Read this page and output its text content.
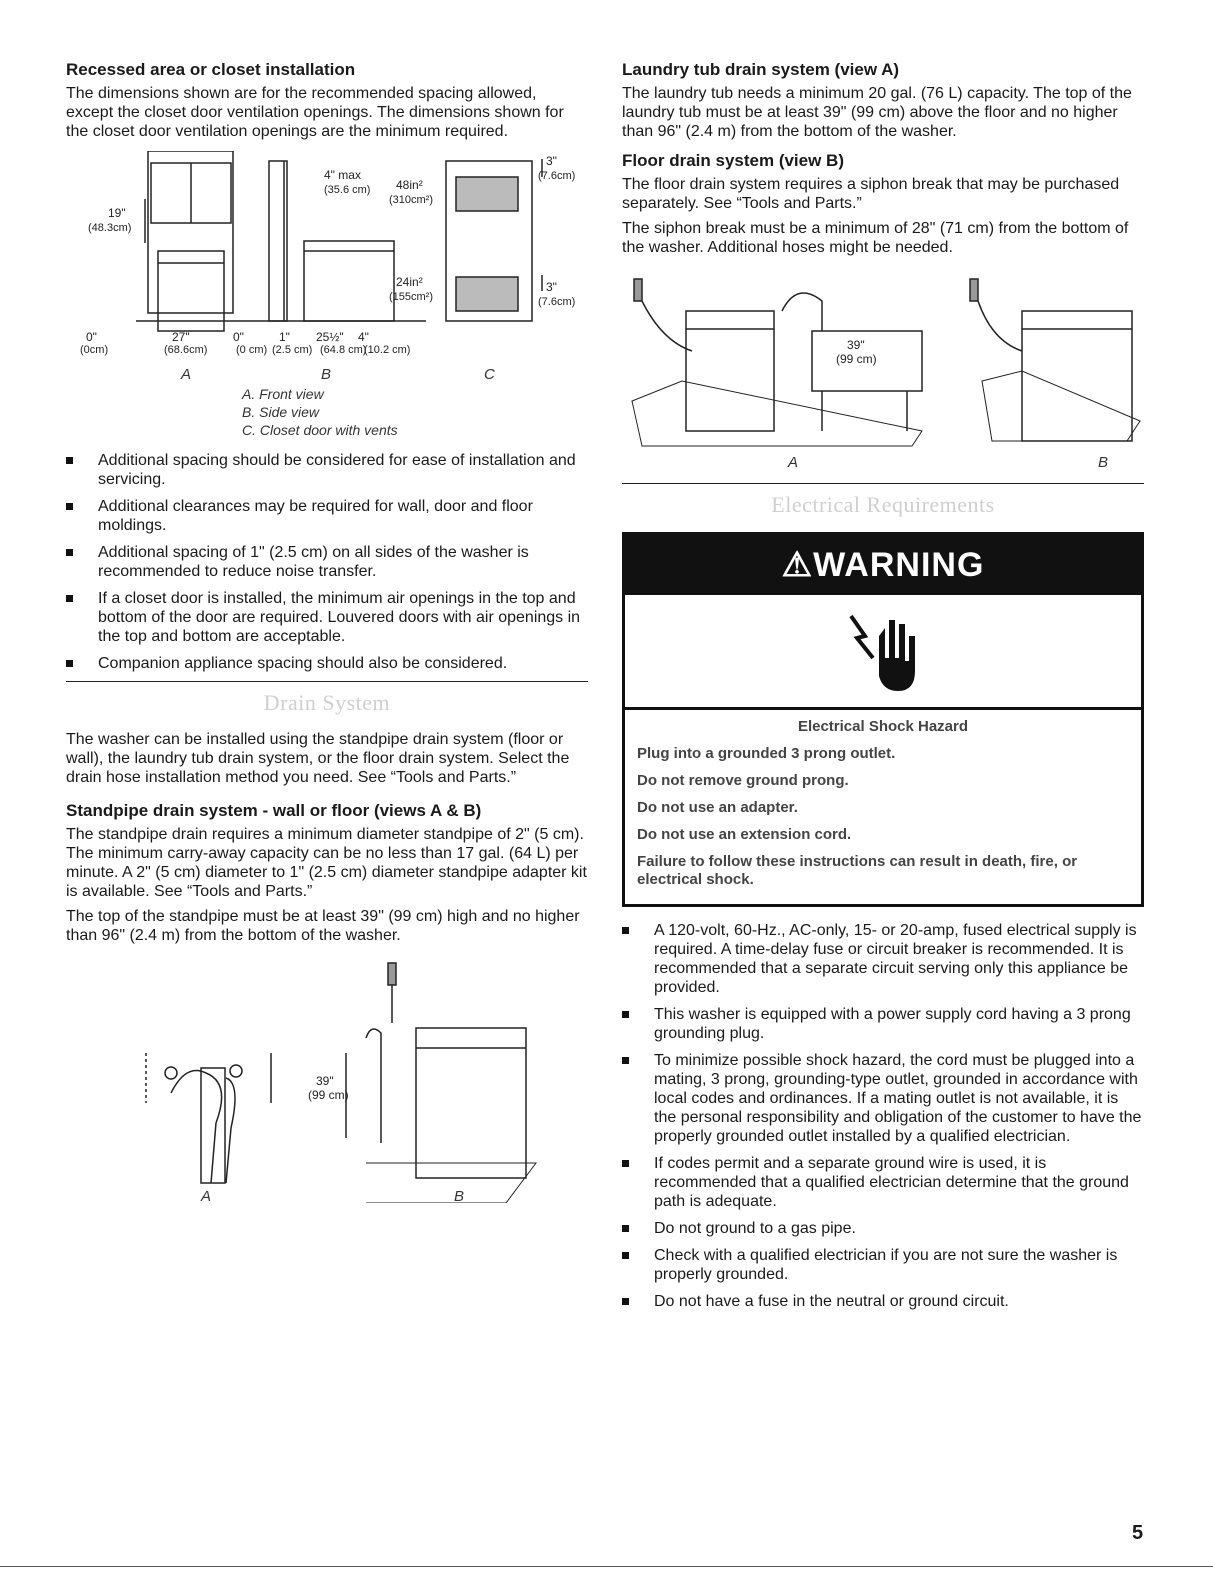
Recessed area or closet installation

The dimensions shown are for the recommended spacing allowed, except the closet door ventilation openings. The dimensions shown for the closet door ventilation openings are the minimum required.

19"
(48.3cm)
0"
(0cm)
27"
(68.6cm)
0"
(0 cm)
1"
(2.5 cm)
25½"
(64.8 cm)
4"
(10.2 cm)
4" max
(35.6 cm) 48in²
(310cm²)
24in²
(155cm²)
3"
(7.6cm)
3"
(7.6cm)
A	B	C
A. Front view
B. Side view
C. Closet door with vents
Additional spacing should be considered for ease of installation and servicing.
Additional clearances may be required for wall, door and floor moldings.
Additional spacing of 1" (2.5 cm) on all sides of the washer is recommended to reduce noise transfer.
If a closet door is installed, the minimum air openings in the top and bottom of the door are required. Louvered doors with air openings in the top and bottom are acceptable.
Companion appliance spacing should also be considered.
Drain System

The washer can be installed using the standpipe drain system (floor or wall), the laundry tub drain system, or the floor drain system. Select the drain hose installation method you need. See “Tools and Parts.”

Standpipe drain system - wall or floor (views A & B)

The standpipe drain requires a minimum diameter standpipe of 2" (5 cm). The minimum carry-away capacity can be no less than 17 gal. (64 L) per minute. A 2" (5 cm) diameter to 1" (2.5 cm) diameter standpipe adapter kit is available. See “Tools and Parts.”

The top of the standpipe must be at least 39" (99 cm) high and no higher than 96" (2.4 m) from the bottom of the washer.

39"
(99 cm)
A	B
Laundry tub drain system (view A)

The laundry tub needs a minimum 20 gal. (76 L) capacity. The top of the laundry tub must be at least 39" (99 cm) above the floor and no higher than 96" (2.4 m) from the bottom of the washer.

Floor drain system (view B)

The floor drain system requires a siphon break that may be purchased separately. See “Tools and Parts.”

The siphon break must be a minimum of 28" (71 cm) from the bottom of the washer. Additional hoses might be needed.

39"
(99 cm)
A	B
Electrical Requirements
⚠WARNING

Electrical Shock Hazard

Plug into a grounded 3 prong outlet.

Do not remove ground prong.

Do not use an adapter.

Do not use an extension cord.

Failure to follow these instructions can result in death, fire, or electrical shock.

A 120-volt, 60-Hz., AC-only, 15- or 20-amp, fused electrical supply is required. A time-delay fuse or circuit breaker is recommended. It is recommended that a separate circuit serving only this appliance be provided.
This washer is equipped with a power supply cord having a 3 prong grounding plug.
To minimize possible shock hazard, the cord must be plugged into a mating, 3 prong, grounding-type outlet, grounded in accordance with local codes and ordinances. If a mating outlet is not available, it is the personal responsibility and obligation of the customer to have the properly grounded outlet installed by a qualified electrician.
If codes permit and a separate ground wire is used, it is recommended that a qualified electrician determine that the ground path is adequate.
Do not ground to a gas pipe.
Check with a qualified electrician if you are not sure the washer is properly grounded.
Do not have a fuse in the neutral or ground circuit.
5
